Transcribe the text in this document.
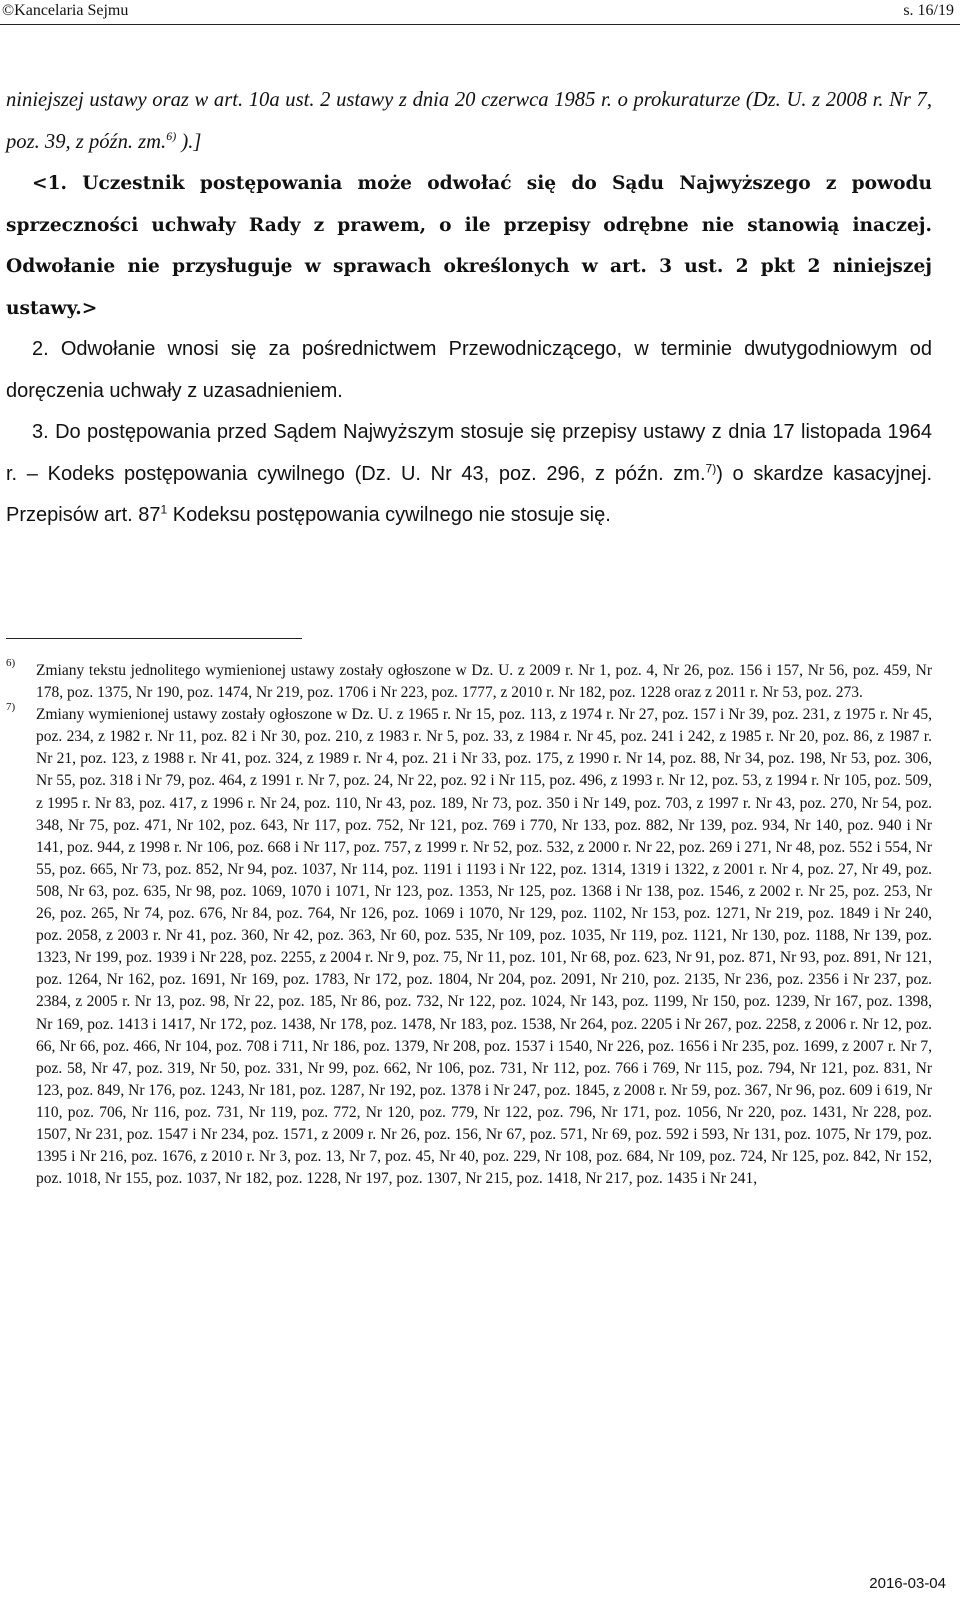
©Kancelaria Sejmu	s. 16/19

niniejszej ustawy oraz w art. 10a ust. 2 ustawy z dnia 20 czerwca 1985 r. o prokuraturze (Dz. U. z 2008 r. Nr 7, poz. 39, z późn. zm.$^{6)}$ ).]

<1. Uczestnik postępowania może odwołać się do Sądu Najwyższego z powodu sprzeczności uchwały Rady z prawem, o ile przepisy odrębne nie stanowią inaczej. Odwołanie nie przysługuje w sprawach określonych w art. 3 ust. 2 pkt 2 niniejszej ustawy.>

2. Odwołanie wnosi się za pośrednictwem Przewodniczącego, w terminie dwutygodniowym od doręczenia uchwały z uzasadnieniem.

3. Do postępowania przed Sądem Najwyższym stosuje się przepisy ustawy z dnia 17 listopada 1964 r. – Kodeks postępowania cywilnego (Dz. U. Nr 43, poz. 296, z późn. zm.$^{7)}$) o skardze kasacyjnej. Przepisów art. $87^1$ Kodeksu postępowania cywilnego nie stosuje się.

6) Zmiany tekstu jednolitego wymienionej ustawy zostały ogłoszone w Dz. U. z 2009 r. Nr 1, poz. 4, Nr 26, poz. 156 i 157, Nr 56, poz. 459, Nr 178, poz. 1375, Nr 190, poz. 1474, Nr 219, poz. 1706 i Nr 223, poz. 1777, z 2010 r. Nr 182, poz. 1228 oraz z 2011 r. Nr 53, poz. 273.
7) Zmiany wymienionej ustawy zostały ogłoszone w Dz. U. z 1965 r. Nr 15, poz. 113, z 1974 r. Nr 27, poz. 157 i Nr 39, poz. 231, z 1975 r. Nr 45, poz. 234, z 1982 r. Nr 11, poz. 82 i Nr 30, poz. 210, z 1983 r. Nr 5, poz. 33, z 1984 r. Nr 45, poz. 241 i 242, z 1985 r. Nr 20, poz. 86, z 1987 r. Nr 21, poz. 123, z 1988 r. Nr 41, poz. 324, z 1989 r. Nr 4, poz. 21 i Nr 33, poz. 175, z 1990 r. Nr 14, poz. 88, Nr 34, poz. 198, Nr 53, poz. 306, Nr 55, poz. 318 i Nr 79, poz. 464, z 1991 r. Nr 7, poz. 24, Nr 22, poz. 92 i Nr 115, poz. 496, z 1993 r. Nr 12, poz. 53, z 1994 r. Nr 105, poz. 509, z 1995 r. Nr 83, poz. 417, z 1996 r. Nr 24, poz. 110, Nr 43, poz. 189, Nr 73, poz. 350 i Nr 149, poz. 703, z 1997 r. Nr 43, poz. 270, Nr 54, poz. 348, Nr 75, poz. 471, Nr 102, poz. 643, Nr 117, poz. 752, Nr 121, poz. 769 i 770, Nr 133, poz. 882, Nr 139, poz. 934, Nr 140, poz. 940 i Nr 141, poz. 944, z 1998 r. Nr 106, poz. 668 i Nr 117, poz. 757, z 1999 r. Nr 52, poz. 532, z 2000 r. Nr 22, poz. 269 i 271, Nr 48, poz. 552 i 554, Nr 55, poz. 665, Nr 73, poz. 852, Nr 94, poz. 1037, Nr 114, poz. 1191 i 1193 i Nr 122, poz. 1314, 1319 i 1322, z 2001 r. Nr 4, poz. 27, Nr 49, poz. 508, Nr 63, poz. 635, Nr 98, poz. 1069, 1070 i 1071, Nr 123, poz. 1353, Nr 125, poz. 1368 i Nr 138, poz. 1546, z 2002 r. Nr 25, poz. 253, Nr 26, poz. 265, Nr 74, poz. 676, Nr 84, poz. 764, Nr 126, poz. 1069 i 1070, Nr 129, poz. 1102, Nr 153, poz. 1271, Nr 219, poz. 1849 i Nr 240, poz. 2058, z 2003 r. Nr 41, poz. 360, Nr 42, poz. 363, Nr 60, poz. 535, Nr 109, poz. 1035, Nr 119, poz. 1121, Nr 130, poz. 1188, Nr 139, poz. 1323, Nr 199, poz. 1939 i Nr 228, poz. 2255, z 2004 r. Nr 9, poz. 75, Nr 11, poz. 101, Nr 68, poz. 623, Nr 91, poz. 871, Nr 93, poz. 891, Nr 121, poz. 1264, Nr 162, poz. 1691, Nr 169, poz. 1783, Nr 172, poz. 1804, Nr 204, poz. 2091, Nr 210, poz. 2135, Nr 236, poz. 2356 i Nr 237, poz. 2384, z 2005 r. Nr 13, poz. 98, Nr 22, poz. 185, Nr 86, poz. 732, Nr 122, poz. 1024, Nr 143, poz. 1199, Nr 150, poz. 1239, Nr 167, poz. 1398, Nr 169, poz. 1413 i 1417, Nr 172, poz. 1438, Nr 178, poz. 1478, Nr 183, poz. 1538, Nr 264, poz. 2205 i Nr 267, poz. 2258, z 2006 r. Nr 12, poz. 66, Nr 66, poz. 466, Nr 104, poz. 708 i 711, Nr 186, poz. 1379, Nr 208, poz. 1537 i 1540, Nr 226, poz. 1656 i Nr 235, poz. 1699, z 2007 r. Nr 7, poz. 58, Nr 47, poz. 319, Nr 50, poz. 331, Nr 99, poz. 662, Nr 106, poz. 731, Nr 112, poz. 766 i 769, Nr 115, poz. 794, Nr 121, poz. 831, Nr 123, poz. 849, Nr 176, poz. 1243, Nr 181, poz. 1287, Nr 192, poz. 1378 i Nr 247, poz. 1845, z 2008 r. Nr 59, poz. 367, Nr 96, poz. 609 i 619, Nr 110, poz. 706, Nr 116, poz. 731, Nr 119, poz. 772, Nr 120, poz. 779, Nr 122, poz. 796, Nr 171, poz. 1056, Nr 220, poz. 1431, Nr 228, poz. 1507, Nr 231, poz. 1547 i Nr 234, poz. 1571, z 2009 r. Nr 26, poz. 156, Nr 67, poz. 571, Nr 69, poz. 592 i 593, Nr 131, poz. 1075, Nr 179, poz. 1395 i Nr 216, poz. 1676, z 2010 r. Nr 3, poz. 13, Nr 7, poz. 45, Nr 40, poz. 229, Nr 108, poz. 684, Nr 109, poz. 724, Nr 125, poz. 842, Nr 152, poz. 1018, Nr 155, poz. 1037, Nr 182, poz. 1228, Nr 197, poz. 1307, Nr 215, poz. 1418, Nr 217, poz. 1435 i Nr 241,
2016-03-04
